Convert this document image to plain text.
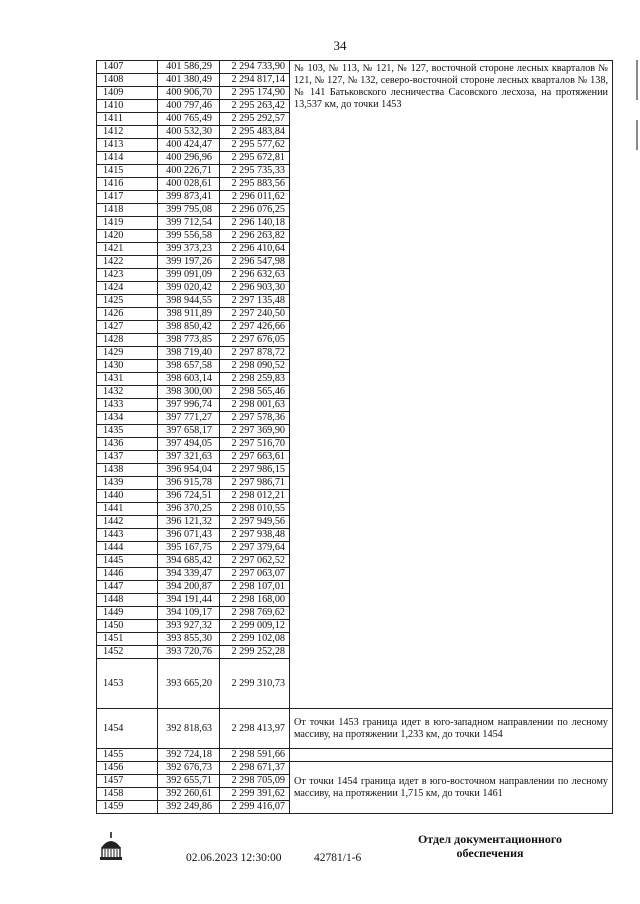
34
1407	401 586,29	2 294 733,90	№ 103, № 113, № 121, № 127, восточной стороне лесных кварталов № 121, № 127, № 132, северо-восточной стороне лесных кварталов № 138, № 141 Батьковского лесничества Сасовского лесхоза, на протяжении 13,537 км, до точки 1453
1408	401 380,49	2 294 817,14	
1409	400 906,70	2 295 174,90	
1410	400 797,46	2 295 263,42	
1411	400 765,49	2 295 292,57	
1412	400 532,30	2 295 483,84	
1413	400 424,47	2 295 577,62	
1414	400 296,96	2 295 672,81	
1415	400 226,71	2 295 735,33	
1416	400 028,61	2 295 883,56	
1417	399 873,41	2 296 011,62	
1418	399 795,08	2 296 076,25	
1419	399 712,54	2 296 140,18	
1420	399 556,58	2 296 263,82	
1421	399 373,23	2 296 410,64	
1422	399 197,26	2 296 547,98	
1423	399 091,09	2 296 632,63	
1424	399 020,42	2 296 903,30	
1425	398 944,55	2 297 135,48	
1426	398 911,89	2 297 240,50	
1427	398 850,42	2 297 426,66	
1428	398 773,85	2 297 676,05	
1429	398 719,40	2 297 878,72	
1430	398 657,58	2 298 090,52	
1431	398 603,14	2 298 259,83	
1432	398 300,00	2 298 565,46	
1433	397 996,74	2 298 001,63	
1434	397 771,27	2 297 578,36	
1435	397 658,17	2 297 369,90	
1436	397 494,05	2 297 516,70	
1437	397 321,63	2 297 663,61	
1438	396 954,04	2 297 986,15	
1439	396 915,78	2 297 986,71	
1440	396 724,51	2 298 012,21	
1441	396 370,25	2 298 010,55	
1442	396 121,32	2 297 949,56	
1443	396 071,43	2 297 938,48	
1444	395 167,75	2 297 379,64	
1445	394 685,42	2 297 062,52	
1446	394 339,47	2 297 063,07	
1447	394 200,87	2 298 107,01	
1448	394 191,44	2 298 168,00	
1449	394 109,17	2 298 769,62	
1450	393 927,32	2 299 009,12	
1451	393 855,30	2 299 102,08	
1452	393 720,76	2 299 252,28	
1453	393 665,20	2 299 310,73	
1454	392 818,63	2 298 413,97	От точки 1453 граница идет в юго-западном направлении по лесному массиву, на протяжении 1,233 км, до точки 1454
1455	392 724,18	2 298 591,66	
1456	392 676,73	2 298 671,37	От точки 1454 граница идет в юго-восточном направлении по лесному массиву, на протяжении 1,715 км, до точки 1461
1457	392 655,71	2 298 705,09	
1458	392 260,61	2 299 391,62	
1459	392 249,86	2 299 416,07	
Отдел документационного обеспечения
02.06.2023 12:30:00	42781/1-6
